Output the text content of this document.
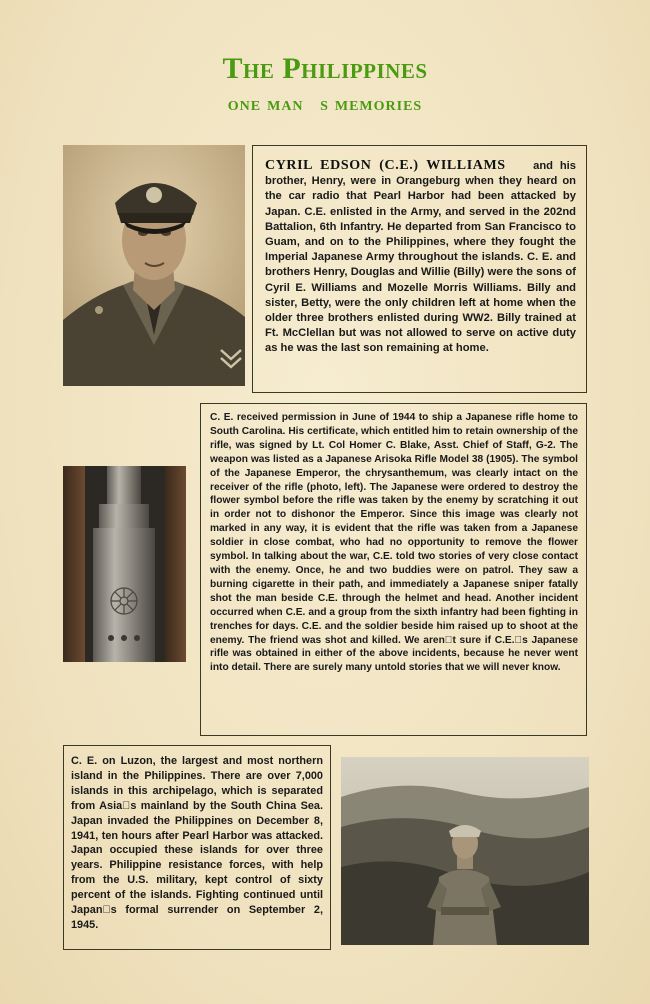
The Philippines
one man s memories

CYRIL EDSON (C.E.) WILLIAMS and his brother, Henry, were in Orangeburg when they heard on the car radio that Pearl Harbor had been attacked by Japan. C.E. enlisted in the Army, and served in the 202nd Battalion, 6th Infantry. He departed from San Francisco to Guam, and on to the Philippines, where they fought the Imperial Japanese Army throughout the islands. C. E. and brothers Henry, Douglas and Willie (Billy) were the sons of Cyril E. Williams and Mozelle Morris Williams. Billy and sister, Betty, were the only children left at home when the older three brothers enlisted during WW2. Billy trained at Ft. McClellan but was not allowed to serve on active duty as he was the last son remaining at home.

C. E. received permission in June of 1944 to ship a Japanese rifle home to South Carolina. His certificate, which entitled him to retain ownership of the rifle, was signed by Lt. Col Homer C. Blake, Asst. Chief of Staff, G-2. The weapon was listed as a Japanese Arisoka Rifle Model 38 (1905). The symbol of the Japanese Emperor, the chrysanthemum, was clearly intact on the receiver of the rifle (photo, left). The Japanese were ordered to destroy the flower symbol before the rifle was taken by the enemy by scratching it out in order not to dishonor the Emperor. Since this image was clearly not marked in any way, it is evident that the rifle was taken from a Japanese soldier in close combat, who had no opportunity to remove the flower symbol. In talking about the war, C.E. told two stories of very close contact with the enemy. Once, he and two buddies were on patrol. They saw a burning cigarette in their path, and immediately a Japanese sniper fatally shot the man beside C.E. through the helmet and head. Another incident occurred when C.E. and a group from the sixth infantry had been fighting in trenches for days. C.E. and the soldier beside him raised up to shoot at the enemy. The friend was shot and killed. We aren t sure if C.E. s Japanese rifle was obtained in either of the above incidents, because he never went into detail. There are surely many untold stories that we will never know.

C. E. on Luzon, the largest and most northern island in the Philippines. There are over 7,000 islands in this archipelago, which is separated from Asia s mainland by the South China Sea. Japan invaded the Philippines on December 8, 1941, ten hours after Pearl Harbor was attacked. Japan occupied these islands for over three years. Philippine resistance forces, with help from the U.S. military, kept control of sixty percent of the islands. Fighting continued until Japan s formal surrender on September 2, 1945.
